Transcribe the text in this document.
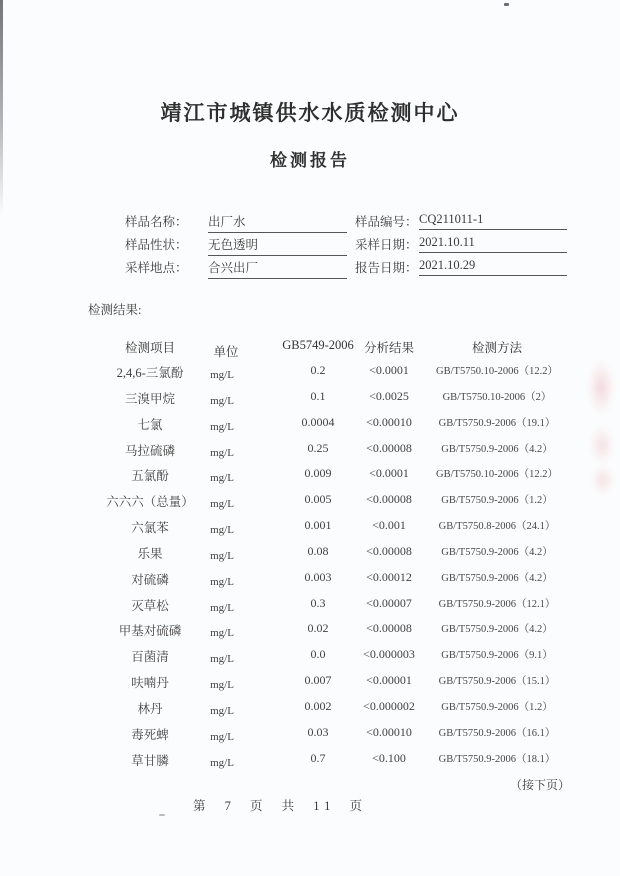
靖江市城镇供水水质检测中心
检测报告
样品名称： 出厂水	样品编号： CQ211011-1
样品性状： 无色透明	采样日期： 2021.10.11
采样地点： 合兴出厂	报告日期： 2021.10.29
检测结果:
检测项目	单位	GB5749-2006 分析结果	检测方法
2,4,6-三氯酚	mg/L	0.2	<0.0001	GB/T5750.10-2006（12.2）
三溴甲烷	mg/L	0.1	<0.0025	GB/T5750.10-2006（2）
七氯	mg/L	0.0004	<0.00010	GB/T5750.9-2006（19.1）
马拉硫磷	mg/L	0.25	<0.00008	GB/T5750.9-2006（4.2）
五氯酚	mg/L	0.009	<0.0001	GB/T5750.10-2006（12.2）
六六六（总量）	mg/L	0.005	<0.00008	GB/T5750.9-2006（1.2）
六氯苯	mg/L	0.001	<0.001	GB/T5750.8-2006（24.1）
乐果	mg/L	0.08	<0.00008	GB/T5750.9-2006（4.2）
对硫磷	mg/L	0.003	<0.00012	GB/T5750.9-2006（4.2）
灭草松	mg/L	0.3	<0.00007	GB/T5750.9-2006（12.1）
甲基对硫磷	mg/L	0.02	<0.00008	GB/T5750.9-2006（4.2）
百菌清	mg/L	0.0	<0.000003	GB/T5750.9-2006（9.1）
呋喃丹	mg/L	0.007	<0.00001	GB/T5750.9-2006（15.1）
林丹	mg/L	0.002	<0.000002	GB/T5750.9-2006（1.2）
毒死蜱	mg/L	0.03	<0.00010	GB/T5750.9-2006（16.1）
草甘膦	mg/L	0.7	<0.100	GB/T5750.9-2006（18.1）
（接下页）
第 7 页 共 11 页
